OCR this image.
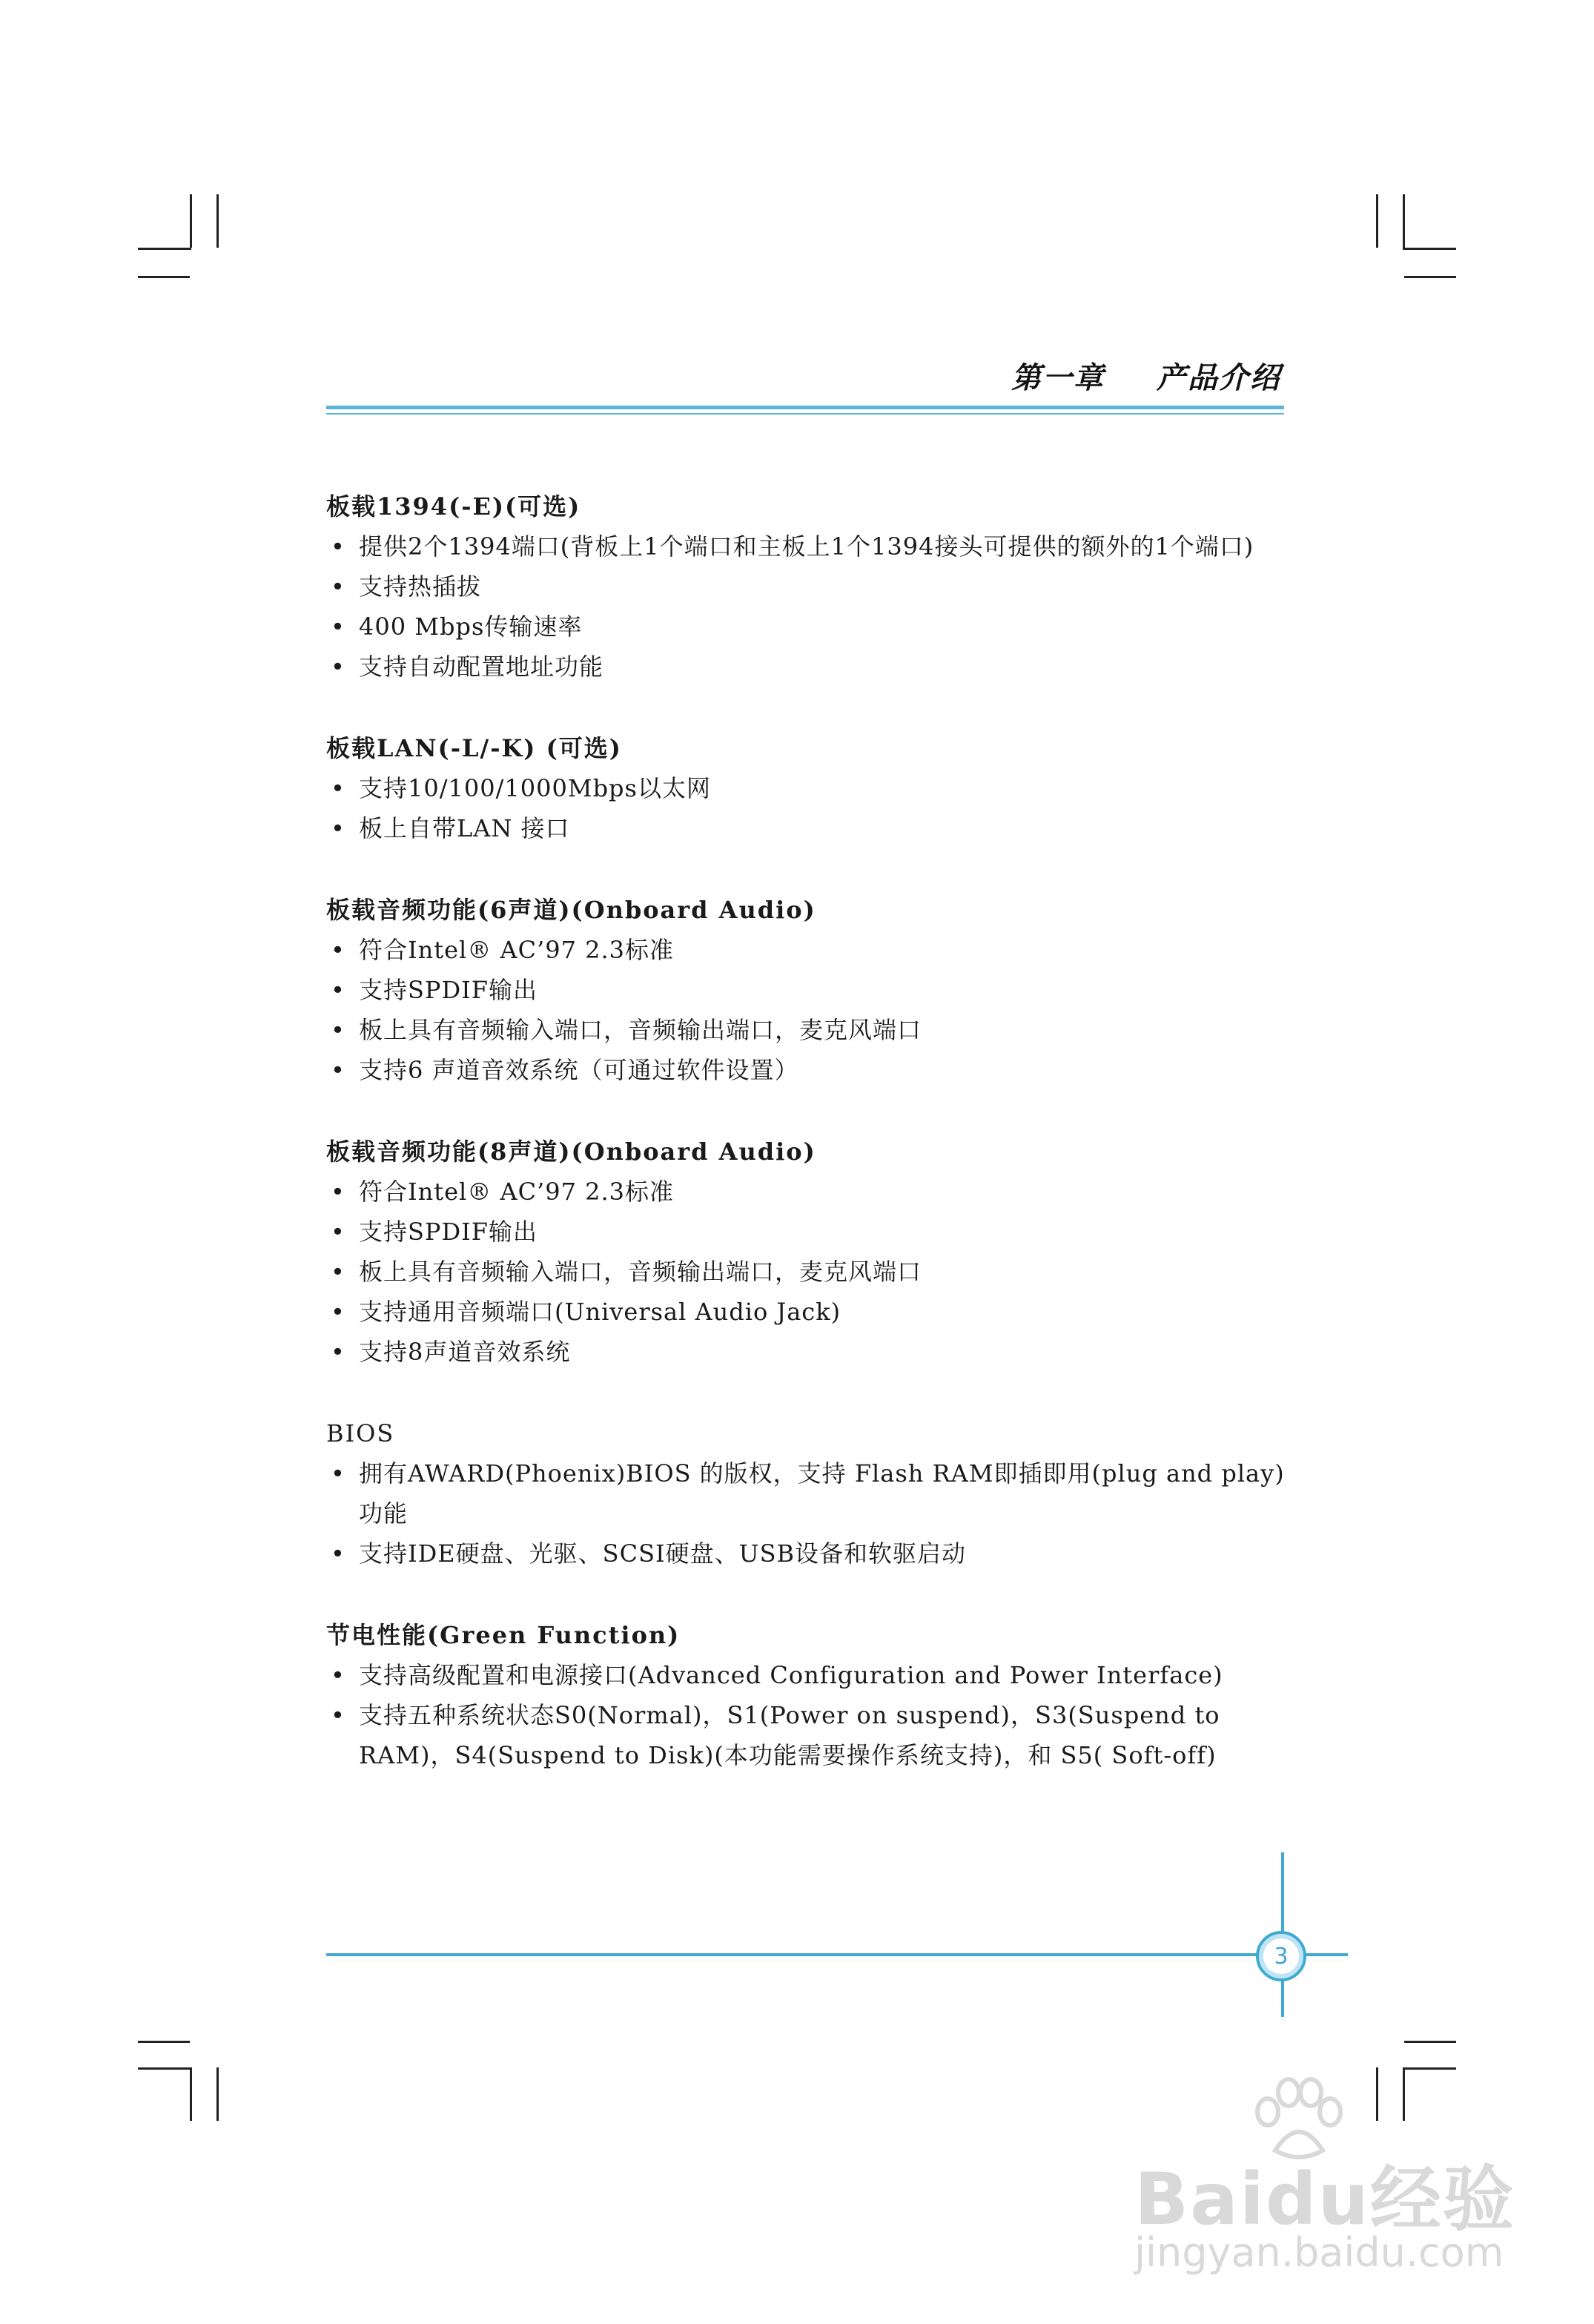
第一章 产品介绍
板载1394(-E)(可选)
• 提供2个1394端口(背板上1个端口和主板上1个1394接头可提供的额外的1个端口)
• 支持热插拔
• 400 Mbps传输速率
• 支持自动配置地址功能
板载LAN(-L/-K) (可选)
• 支持10/100/1000Mbps以太网
• 板上自带LAN 接口
板载音频功能(6声道)(Onboard Audio)
• 符合Intel® AC’97 2.3标准
• 支持SPDIF输出
• 板上具有音频输入端口，音频输出端口，麦克风端口
• 支持6 声道音效系统（可通过软件设置）
板载音频功能(8声道)(Onboard Audio)
• 符合Intel® AC’97 2.3标准
• 支持SPDIF输出
• 板上具有音频输入端口，音频输出端口，麦克风端口
• 支持通用音频端口(Universal Audio Jack)
• 支持8声道音效系统
BIOS
• 拥有AWARD(Phoenix)BIOS 的版权，支持 Flash RAM即插即用(plug and play)功能
• 支持IDE硬盘、光驱、SCSI硬盘、USB设备和软驱启动
节电性能(Green Function)
• 支持高级配置和电源接口(Advanced Configuration and Power Interface)
• 支持五种系统状态S0(Normal)，S1(Power on suspend)，S3(Suspend to RAM)，S4(Suspend to Disk)(本功能需要操作系统支持)，和 S5( Soft-off)
3
Baidu经验
jingyan.baidu.com
